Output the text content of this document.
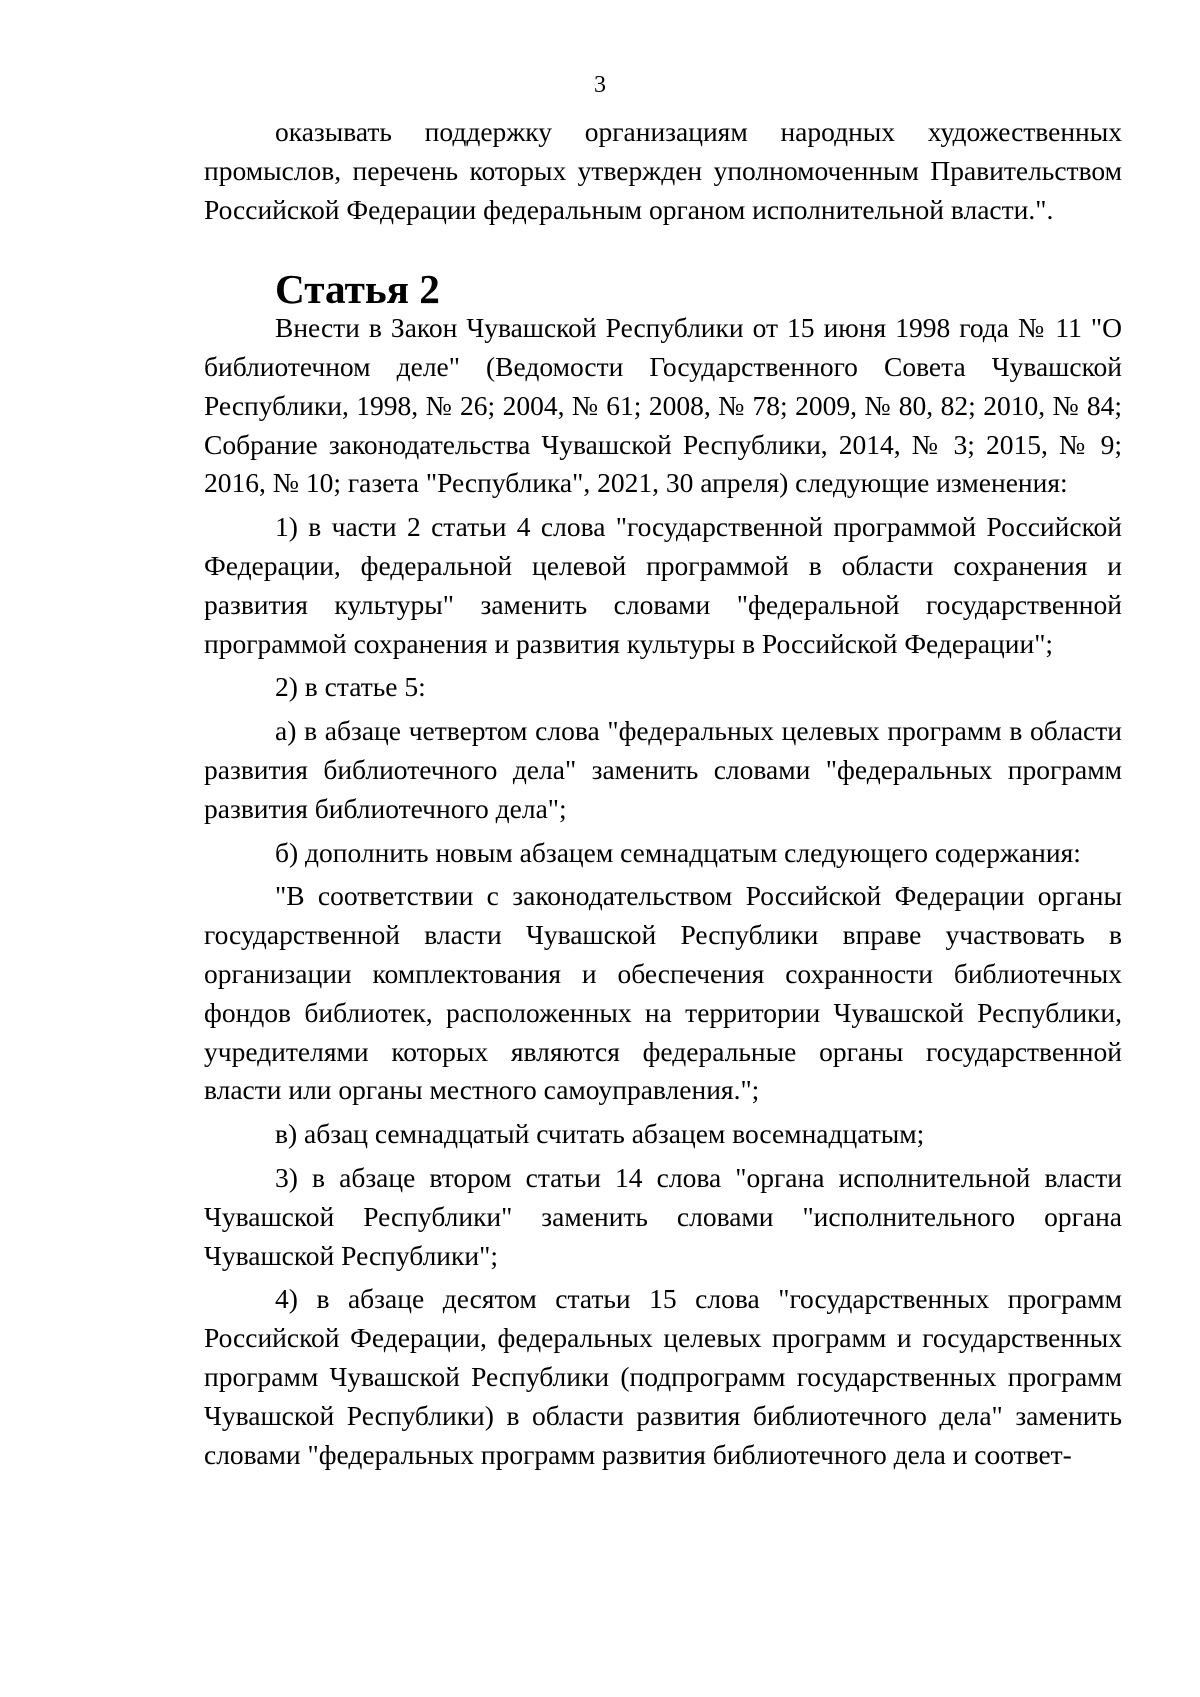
3

оказывать поддержку организациям народных художественных промыслов, перечень которых утвержден уполномоченным Правительством Российской Федерации федеральным органом исполнительной власти.".

Статья 2

Внести в Закон Чувашской Республики от 15 июня 1998 года № 11 "О библиотечном деле" (Ведомости Государственного Совета Чувашской Республики, 1998, № 26; 2004, № 61; 2008, № 78; 2009, № 80, 82; 2010, № 84; Собрание законодательства Чувашской Республики, 2014, № 3; 2015, № 9; 2016, № 10; газета "Республика", 2021, 30 апреля) следующие изменения:

1) в части 2 статьи 4 слова "государственной программой Российской Федерации, федеральной целевой программой в области сохранения и развития культуры" заменить словами "федеральной государственной программой сохранения и развития культуры в Российской Федерации";

2) в статье 5:

а) в абзаце четвертом слова "федеральных целевых программ в области развития библиотечного дела" заменить словами "федеральных программ развития библиотечного дела";

б) дополнить новым абзацем семнадцатым следующего содержания:

"В соответствии с законодательством Российской Федерации органы государственной власти Чувашской Республики вправе участвовать в организации комплектования и обеспечения сохранности библиотечных фондов библиотек, расположенных на территории Чувашской Республики, учредителями которых являются федеральные органы государственной власти или органы местного самоуправления.";

в) абзац семнадцатый считать абзацем восемнадцатым;

3) в абзаце втором статьи 14 слова "органа исполнительной власти Чувашской Республики" заменить словами "исполнительного органа Чувашской Республики";

4) в абзаце десятом статьи 15 слова "государственных программ Российской Федерации, федеральных целевых программ и государственных программ Чувашской Республики (подпрограмм государственных программ Чувашской Республики) в области развития библиотечного дела" заменить словами "федеральных программ развития библиотечного дела и соответ-
